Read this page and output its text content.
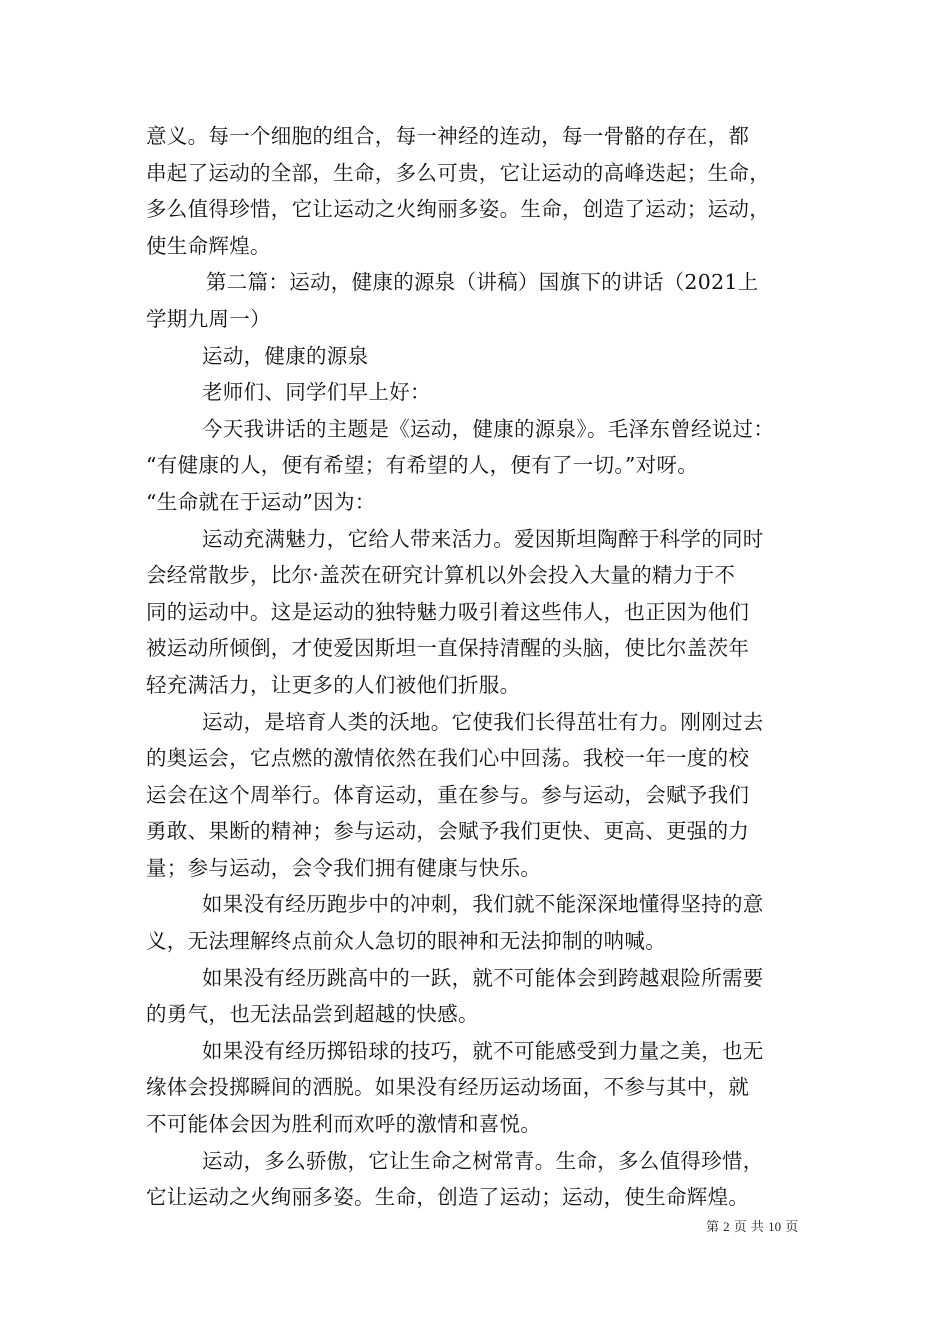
意义。每一个细胞的组合，每一神经的连动，每一骨骼的存在，都
串起了运动的全部，生命，多么可贵，它让运动的高峰迭起；生命，
多么值得珍惜，它让运动之火绚丽多姿。生命，创造了运动；运动，
使生命辉煌。
第二篇：运动，健康的源泉（讲稿）国旗下的讲话（2021上
学期九周一）
运动，健康的源泉
老师们、同学们早上好：
今天我讲话的主题是《运动，健康的源泉》。毛泽东曾经说过：
“有健康的人，便有希望；有希望的人，便有了一切。”对呀。
“生命就在于运动”因为：
运动充满魅力，它给人带来活力。爱因斯坦陶醉于科学的同时
会经常散步，比尔·盖茨在研究计算机以外会投入大量的精力于不
同的运动中。这是运动的独特魅力吸引着这些伟人，也正因为他们
被运动所倾倒，才使爱因斯坦一直保持清醒的头脑，使比尔盖茨年
轻充满活力，让更多的人们被他们折服。
运动，是培育人类的沃地。它使我们长得茁壮有力。刚刚过去
的奥运会，它点燃的激情依然在我们心中回荡。我校一年一度的校
运会在这个周举行。体育运动，重在参与。参与运动，会赋予我们
勇敢、果断的精神；参与运动，会赋予我们更快、更高、更强的力
量；参与运动，会令我们拥有健康与快乐。
如果没有经历跑步中的冲刺，我们就不能深深地懂得坚持的意
义，无法理解终点前众人急切的眼神和无法抑制的呐喊。
如果没有经历跳高中的一跃，就不可能体会到跨越艰险所需要
的勇气，也无法品尝到超越的快感。
如果没有经历掷铅球的技巧，就不可能感受到力量之美，也无
缘体会投掷瞬间的洒脱。如果没有经历运动场面，不参与其中，就
不可能体会因为胜利而欢呼的激情和喜悦。
运动，多么骄傲，它让生命之树常青。生命，多么值得珍惜，
它让运动之火绚丽多姿。生命，创造了运动；运动，使生命辉煌。
第 2 页 共 10 页
